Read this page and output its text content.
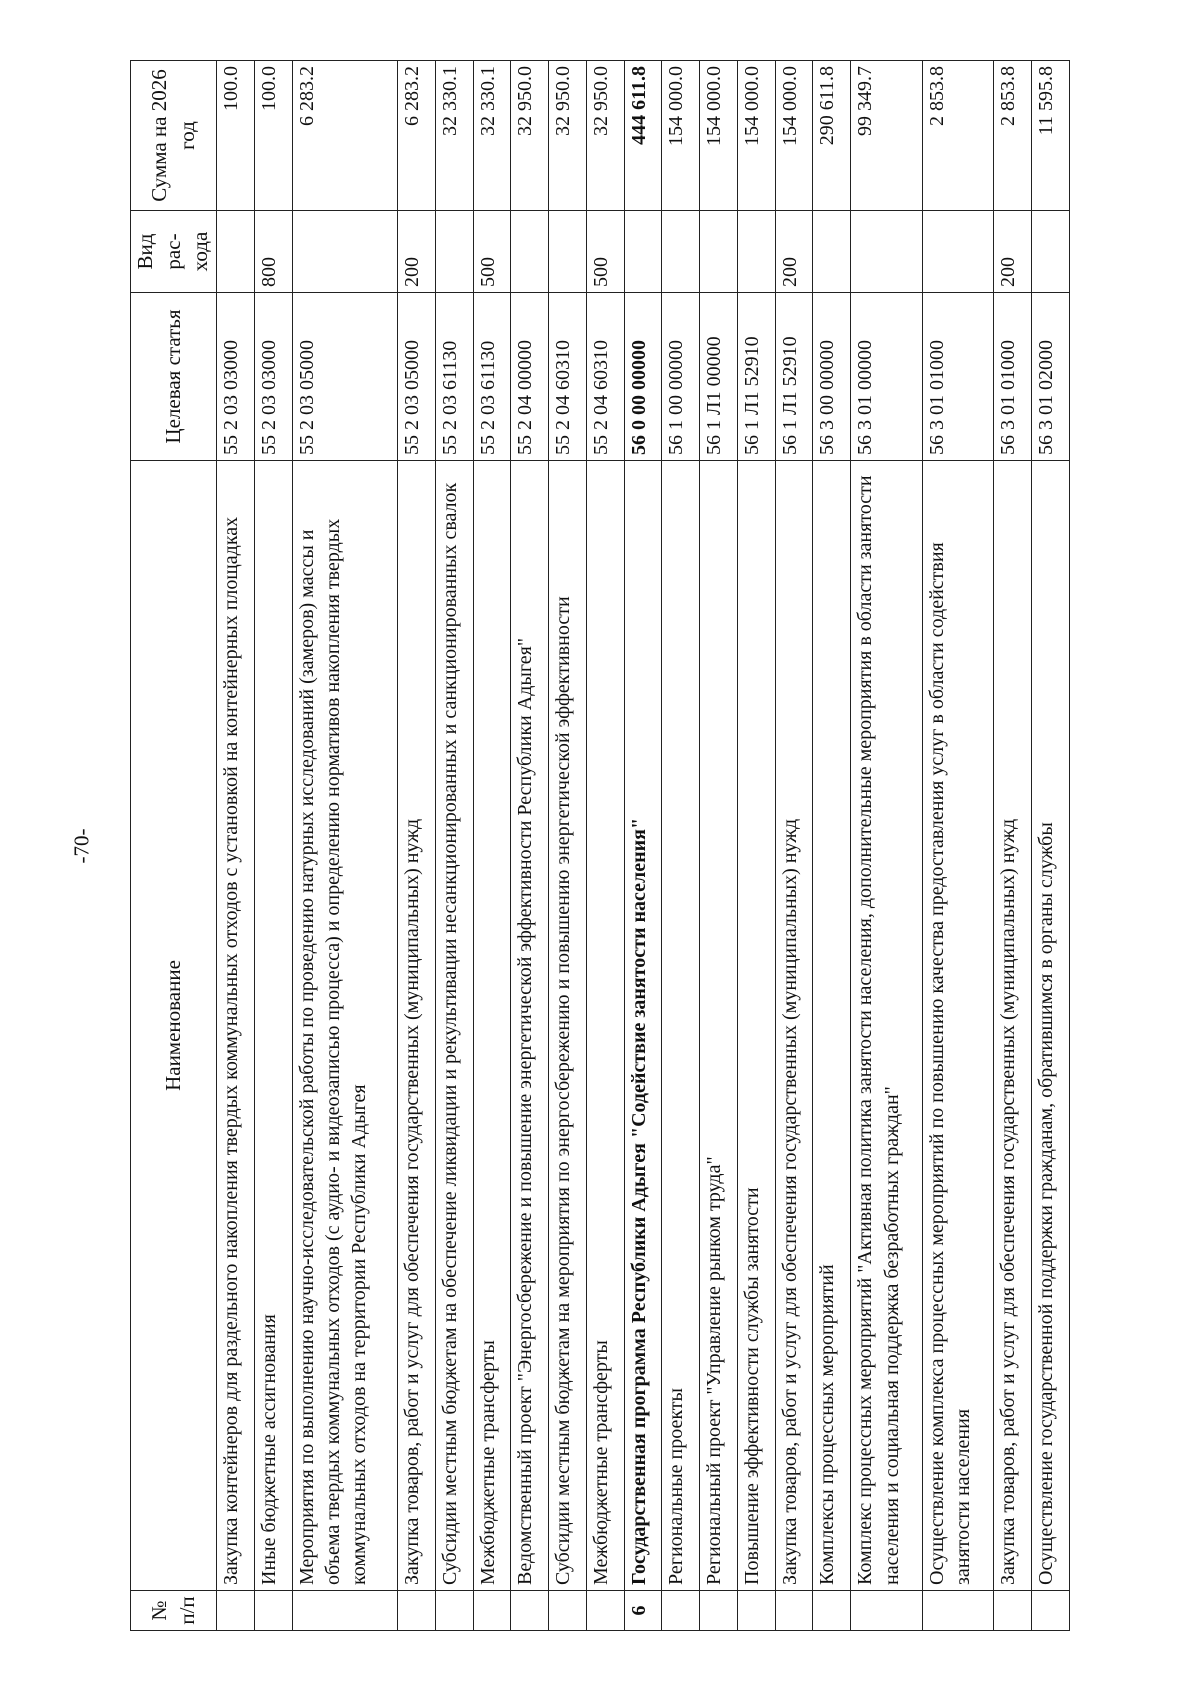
-70-
№ п/п	Наименование	Целевая статья	Вид рас-хода	Сумма на 2026 год
	Закупка контейнеров для раздельного накопления твердых коммунальных отходов с установкой на контейнерных площадках	55 2 03 03000		100.0
	Иные бюджетные ассигнования	55 2 03 03000	800	100.0
	Мероприятия по выполнению научно-исследовательской работы по проведению натурных исследований (замеров) массы и объема твердых коммунальных отходов (с аудио- и видеозаписью процесса) и определению нормативов накопления твердых коммунальных отходов на территории Республики Адыгея	55 2 03 05000		6 283.2
	Закупка товаров, работ и услуг для обеспечения государственных (муниципальных) нужд	55 2 03 05000	200	6 283.2
	Субсидии местным бюджетам на обеспечение ликвидации и рекультивации несанкционированных и санкционированных свалок	55 2 03 61130		32 330.1
	Межбюджетные трансферты	55 2 03 61130	500	32 330.1
	Ведомственный проект "Энергосбережение и повышение энергетической эффективности Республики Адыгея"	55 2 04 00000		32 950.0
	Субсидии местным бюджетам на мероприятия по энергосбережению и повышению энергетической эффективности	55 2 04 60310		32 950.0
	Межбюджетные трансферты	55 2 04 60310	500	32 950.0
6	Государственная программа Республики Адыгея "Содействие занятости населения"	56 0 00 00000		444 611.8
	Региональные проекты	56 1 00 00000		154 000.0
	Региональный проект "Управление рынком труда"	56 1 Л1 00000		154 000.0
	Повышение эффективности службы занятости	56 1 Л1 52910		154 000.0
	Закупка товаров, работ и услуг для обеспечения государственных (муниципальных) нужд	56 1 Л1 52910	200	154 000.0
	Комплексы процессных мероприятий	56 3 00 00000		290 611.8
	Комплекс процессных мероприятий "Активная политика занятости населения, дополнительные мероприятия в области занятости населения и социальная поддержка безработных граждан"	56 3 01 00000		99 349.7
	Осуществление комплекса процессных мероприятий по повышению качества предоставления услуг в области содействия занятости населения	56 3 01 01000		2 853.8
	Закупка товаров, работ и услуг для обеспечения государственных (муниципальных) нужд	56 3 01 01000	200	2 853.8
	Осуществление государственной поддержки гражданам, обратившимся в органы службы	56 3 01 02000		11 595.8
